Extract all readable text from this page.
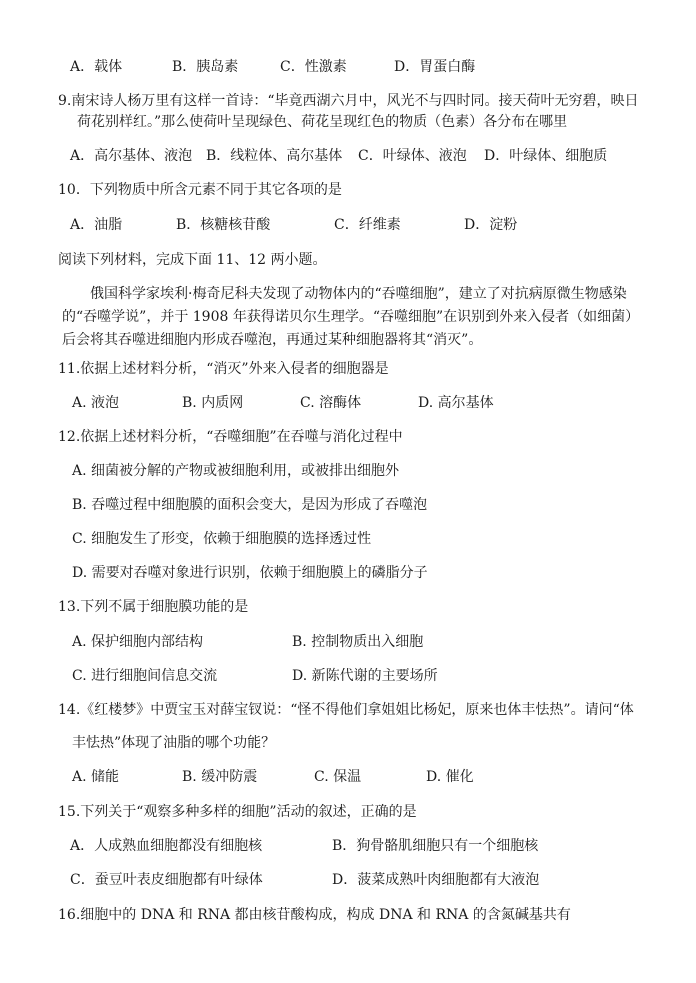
A．载体	B．胰岛素	C．性激素	D．胃蛋白酶
9.南宋诗人杨万里有这样一首诗：“毕竟西湖六月中，风光不与四时同。接天荷叶无穷碧，映日
荷花别样红。”那么使荷叶呈现绿色、荷花呈现红色的物质（色素）各分布在哪里
A．高尔基体、液泡 B．线粒体、高尔基体 C．叶绿体、液泡 D．叶绿体、细胞质
10．下列物质中所含元素不同于其它各项的是
A．油脂	B．核糖核苷酸	C．纤维素	D．淀粉
阅读下列材料，完成下面 11、12 两小题。

俄国科学家埃利·梅奇尼科夫发现了动物体内的“吞噬细胞”，建立了对抗病原微生物感染的“吞噬学说”，并于 1908 年获得诺贝尔生理学。“吞噬细胞”在识别到外来入侵者（如细菌）后会将其吞噬进细胞内形成吞噬泡，再通过某种细胞器将其“消灭”。

11.依据上述材料分析，“消灭”外来入侵者的细胞器是
A. 液泡	B. 内质网	C. 溶酶体	D. 高尔基体
12.依据上述材料分析，“吞噬细胞”在吞噬与消化过程中
A. 细菌被分解的产物或被细胞利用，或被排出细胞外
B. 吞噬过程中细胞膜的面积会变大，是因为形成了吞噬泡
C. 细胞发生了形变，依赖于细胞膜的选择透过性
D. 需要对吞噬对象进行识别，依赖于细胞膜上的磷脂分子
13.下列不属于细胞膜功能的是
A. 保护细胞内部结构	B. 控制物质出入细胞
C. 进行细胞间信息交流	D. 新陈代谢的主要场所
14.《红楼梦》中贾宝玉对薛宝钗说：“怪不得他们拿姐姐比杨妃，原来也体丰怯热”。请问“体
丰怯热”体现了油脂的哪个功能？
A. 储能	B. 缓冲防震	C. 保温	D. 催化
15.下列关于“观察多种多样的细胞”活动的叙述，正确的是
A．人成熟血细胞都没有细胞核	B．狗骨骼肌细胞只有一个细胞核
C．蚕豆叶表皮细胞都有叶绿体	D．菠菜成熟叶肉细胞都有大液泡
16.细胞中的 DNA 和 RNA 都由核苷酸构成，构成 DNA 和 RNA 的含氮碱基共有
